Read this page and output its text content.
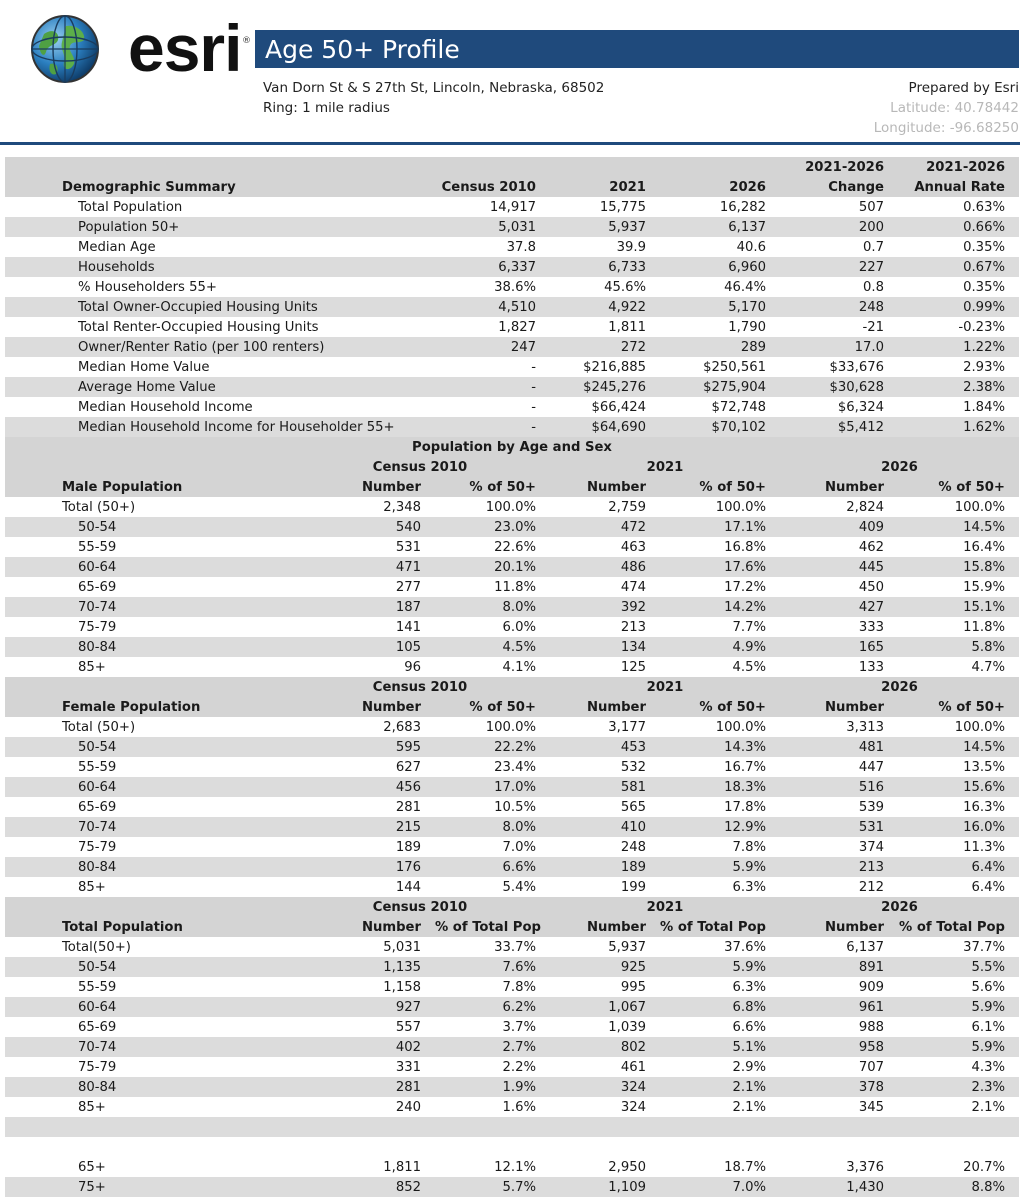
esri ® Age 50+ Profile
Van Dorn St & S 27th St, Lincoln, Nebraska, 68502
Ring: 1 mile radius
Prepared by Esri
Latitude: 40.78442
Longitude: -96.68250
					2021-2026	2021-2026
Demographic Summary	Census 2010		2021	2026	Change	Annual Rate
Total Population	14,917		15,775	16,282	507	0.63%
Population 50+	5,031		5,937	6,137	200	0.66%
Median Age	37.8		39.9	40.6	0.7	0.35%
Households	6,337		6,733	6,960	227	0.67%
% Householders 55+	38.6%		45.6%	46.4%	0.8	0.35%
Total Owner-Occupied Housing Units	4,510		4,922	5,170	248	0.99%
Total Renter-Occupied Housing Units	1,827		1,811	1,790	-21	-0.23%
Owner/Renter Ratio (per 100 renters)	247		272	289	17.0	1.22%
Median Home Value	-		$216,885	$250,561	$33,676	2.93%
Average Home Value	-		$245,276	$275,904	$30,628	2.38%
Median Household Income	-		$66,424	$72,748	$6,324	1.84%
Median Household Income for Householder 55+	-		$64,690	$70,102	$5,412	1.62%
Population by Age and Sex						
	Census 2010		2021		2026	
Male Population	Number	% of 50+	Number	% of 50+	Number	% of 50+
Total (50+)	2,348	100.0%	2,759	100.0%	2,824	100.0%
50-54	540	23.0%	472	17.1%	409	14.5%
55-59	531	22.6%	463	16.8%	462	16.4%
60-64	471	20.1%	486	17.6%	445	15.8%
65-69	277	11.8%	474	17.2%	450	15.9%
70-74	187	8.0%	392	14.2%	427	15.1%
75-79	141	6.0%	213	7.7%	333	11.8%
80-84	105	4.5%	134	4.9%	165	5.8%
85+	96	4.1%	125	4.5%	133	4.7%
	Census 2010		2021		2026	
Female Population	Number	% of 50+	Number	% of 50+	Number	% of 50+
Total (50+)	2,683	100.0%	3,177	100.0%	3,313	100.0%
50-54	595	22.2%	453	14.3%	481	14.5%
55-59	627	23.4%	532	16.7%	447	13.5%
60-64	456	17.0%	581	18.3%	516	15.6%
65-69	281	10.5%	565	17.8%	539	16.3%
70-74	215	8.0%	410	12.9%	531	16.0%
75-79	189	7.0%	248	7.8%	374	11.3%
80-84	176	6.6%	189	5.9%	213	6.4%
85+	144	5.4%	199	6.3%	212	6.4%
	Census 2010		2021		2026	
Total Population	Number	% of Total Pop	Number	% of Total Pop	Number	% of Total Pop
Total(50+)	5,031	33.7%	5,937	37.6%	6,137	37.7%
50-54	1,135	7.6%	925	5.9%	891	5.5%
55-59	1,158	7.8%	995	6.3%	909	5.6%
60-64	927	6.2%	1,067	6.8%	961	5.9%
65-69	557	3.7%	1,039	6.6%	988	6.1%
70-74	402	2.7%	802	5.1%	958	5.9%
75-79	331	2.2%	461	2.9%	707	4.3%
80-84	281	1.9%	324	2.1%	378	2.3%
85+	240	1.6%	324	2.1%	345	2.1%

65+	1,811	12.1%	2,950	18.7%	3,376	20.7%
75+	852	5.7%	1,109	7.0%	1,430	8.8%
